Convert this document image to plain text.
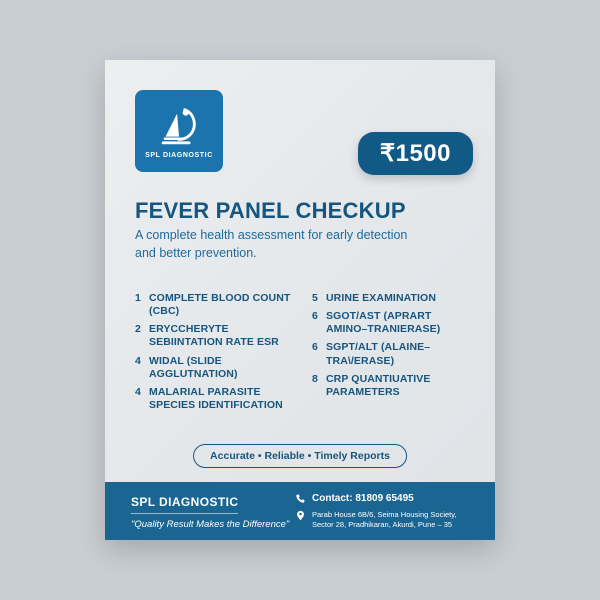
SPL DIAGNOSTIC	₹1500
FEVER PANEL CHECKUP
A complete health assessment for early detection and better prevention.
1 COMPLETE BLOOD COUNT (CBC)
2 ERYCCHERYTE SEBIINTATION RATE ESR
4 WIDAL (SLIDE AGGLUTNATION)
4 MALARIAL PARASITE SPECIES IDENTIFICATION
5 URINE EXAMINATION
6 SGOT/AST (APRART AMINO–TRANIERASE)
6 SGPT/ALT (ALAINE–TRA\/ERASE)
8 CRP QUANTIUATIVE PARAMETERS
Accurate • Reliable • Timely Reports
SPL DIAGNOSTIC
"Quality Result Makes the Difference"
Contact: 81809 65495
Parab House 6B/6, Seima Housing Society, Sector 28, Pradhikaran, Akurdi, Pune – 35
